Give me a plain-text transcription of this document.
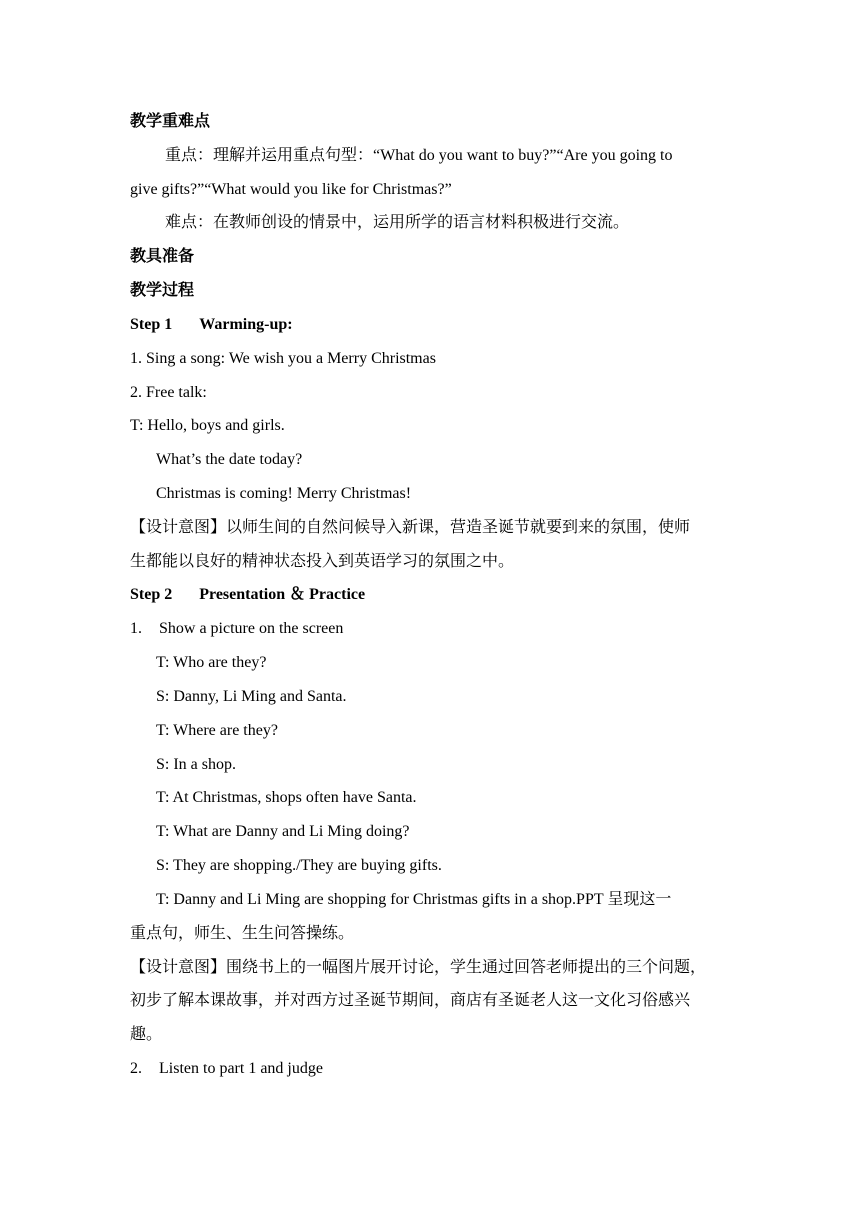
教学重难点
重点：理解并运用重点句型：“What do you want to buy?”“Are you going to
give gifts?”“What would you like for Christmas?”
难点：在教师创设的情景中，运用所学的语言材料积极进行交流。
教具准备
教学过程
Step 1 Warming-up:
1. Sing a song: We wish you a Merry Christmas
2. Free talk:
T: Hello, boys and girls.
What’s the date today?
Christmas is coming! Merry Christmas!
【设计意图】以师生间的自然问候导入新课，营造圣诞节就要到来的氛围，使师
生都能以良好的精神状态投入到英语学习的氛围之中。
Step 2 Presentation ＆ Practice
1. Show a picture on the screen
T: Who are they?
S: Danny, Li Ming and Santa.
T: Where are they?
S: In a shop.
T: At Christmas, shops often have Santa.
T: What are Danny and Li Ming doing?
S: They are shopping./They are buying gifts.
T: Danny and Li Ming are shopping for Christmas gifts in a shop.PPT 呈现这一
重点句，师生、生生问答操练。
【设计意图】围绕书上的一幅图片展开讨论，学生通过回答老师提出的三个问题，
初步了解本课故事，并对西方过圣诞节期间，商店有圣诞老人这一文化习俗感兴
趣。
2. Listen to part 1 and judge
